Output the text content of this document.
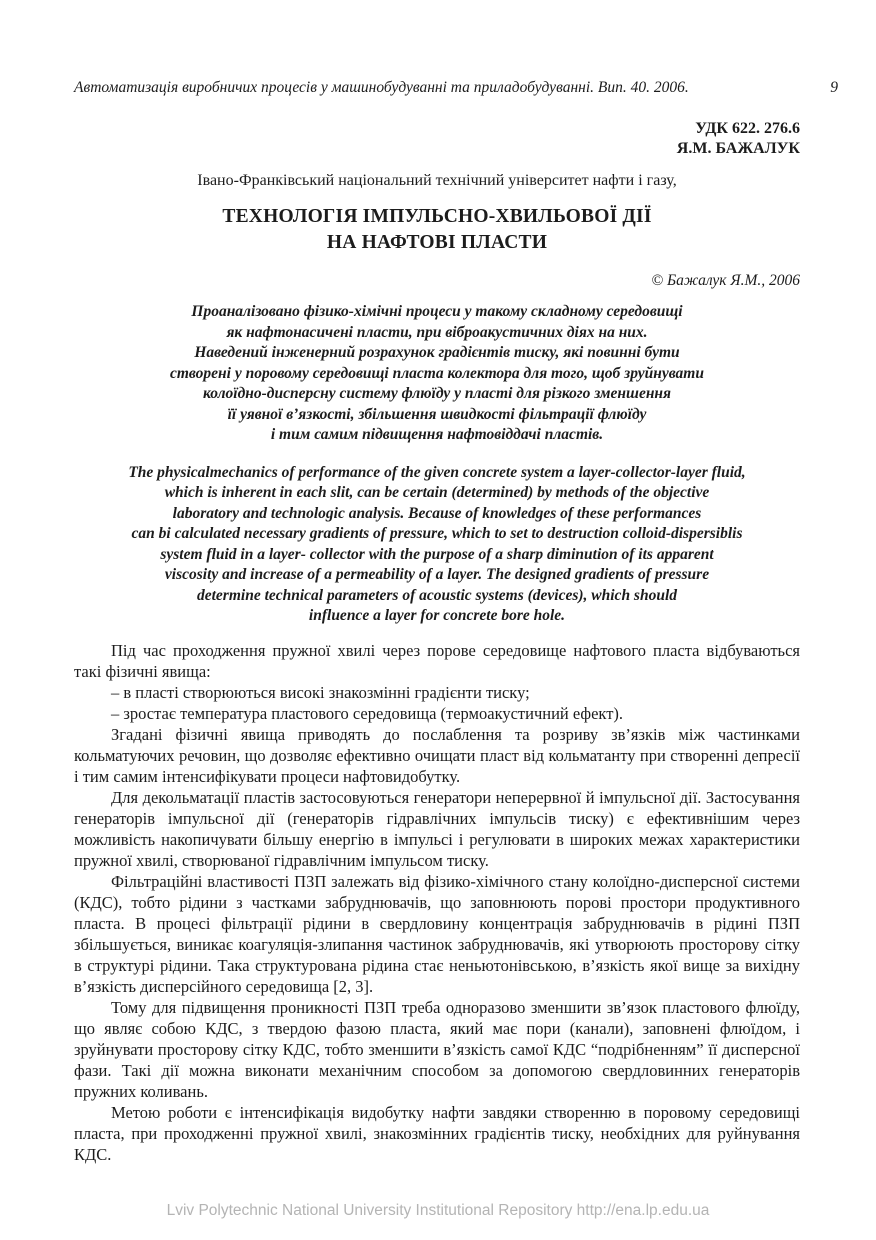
Автоматизація виробничих процесів у машинобудуванні та приладобудуванні. Вип. 40. 2006.	9
УДК 622. 276.6
Я.М. БАЖАЛУК
Івано-Франківський національний технічний університет нафти і газу,
ТЕХНОЛОГІЯ ІМПУЛЬСНО-ХВИЛЬОВОЇ ДІЇ
НА НАФТОВІ ПЛАСТИ
© Бажалук Я.М., 2006
Проаналізовано фізико-хімічні процеси у такому складному середовищі
як нафтонасичені пласти, при віброакустичних діях на них.
Наведений інженерний розрахунок градієнтів тиску, які повинні бути
створені у поровому середовищі пласта колектора для того, щоб зруйнувати
колоїдно-дисперсну систему флюїду у пласті для різкого зменшення
її уявної в’язкості, збільшення швидкості фільтрації флюїду
і тим самим підвищення нафтовіддачі пластів.
The physicalmechanics of performance of the given concrete system a layer-collector-layer fluid,
which is inherent in each slit, can be certain (determined) by methods of the objective
laboratory and technologic analysis. Because of knowledges of these performances
can bi calculated necessary gradients of pressure, which to set to destruction colloid-dispersiblis
system fluid in a layer- collector with the purpose of a sharp diminution of its apparent
viscosity and increase of a permeability of a layer. The designed gradients of pressure
determine technical parameters of acoustic systems (devices), which should
influence a layer for concrete bore hole.

Під час проходження пружної хвилі через порове середовище нафтового пласта відбуваються такі фізичні явища:

– в пласті створюються високі знакозмінні градієнти тиску;

– зростає температура пластового середовища (термоакустичний ефект).

Згадані фізичні явища приводять до послаблення та розриву зв’язків між частинками кольматуючих речовин, що дозволяє ефективно очищати пласт від кольматанту при створенні депресії і тим самим інтенсифікувати процеси нафтовидобутку.

Для декольматації пластів застосовуються генератори неперервної й імпульсної дії. Застосування генераторів імпульсної дії (генераторів гідравлічних імпульсів тиску) є ефективнішим через можливість накопичувати більшу енергію в імпульсі і регулювати в широких межах характеристики пружної хвилі, створюваної гідравлічним імпульсом тиску.

Фільтраційні властивості ПЗП залежать від фізико-хімічного стану колоїдно-дисперсної системи (КДС), тобто рідини з частками забруднювачів, що заповнюють порові простори продуктивного пласта. В процесі фільтрації рідини в свердловину концентрація забруднювачів в рідині ПЗП збільшується, виникає коагуляція-злипання частинок забруднювачів, які утворюють просторову сітку в структурі рідини. Така структурована рідина стає неньютонівською, в’язкість якої вище за вихідну в’язкість дисперсійного середовища [2, 3].

Тому для підвищення проникності ПЗП треба одноразово зменшити зв’язок пластового флюїду, що являє собою КДС, з твердою фазою пласта, який має пори (канали), заповнені флюїдом, і зруйнувати просторову сітку КДС, тобто зменшити в’язкість самої КДС “подрібненням” її дисперсної фази. Такі дії можна виконати механічним способом за допомогою свердловинних генераторів пружних коливань.

Метою роботи є інтенсифікація видобутку нафти завдяки створенню в поровому середовищі пласта, при проходженні пружної хвилі, знакозмінних градієнтів тиску, необхідних для руйнування КДС.

Lviv Polytechnic National University Institutional Repository http://ena.lp.edu.ua
